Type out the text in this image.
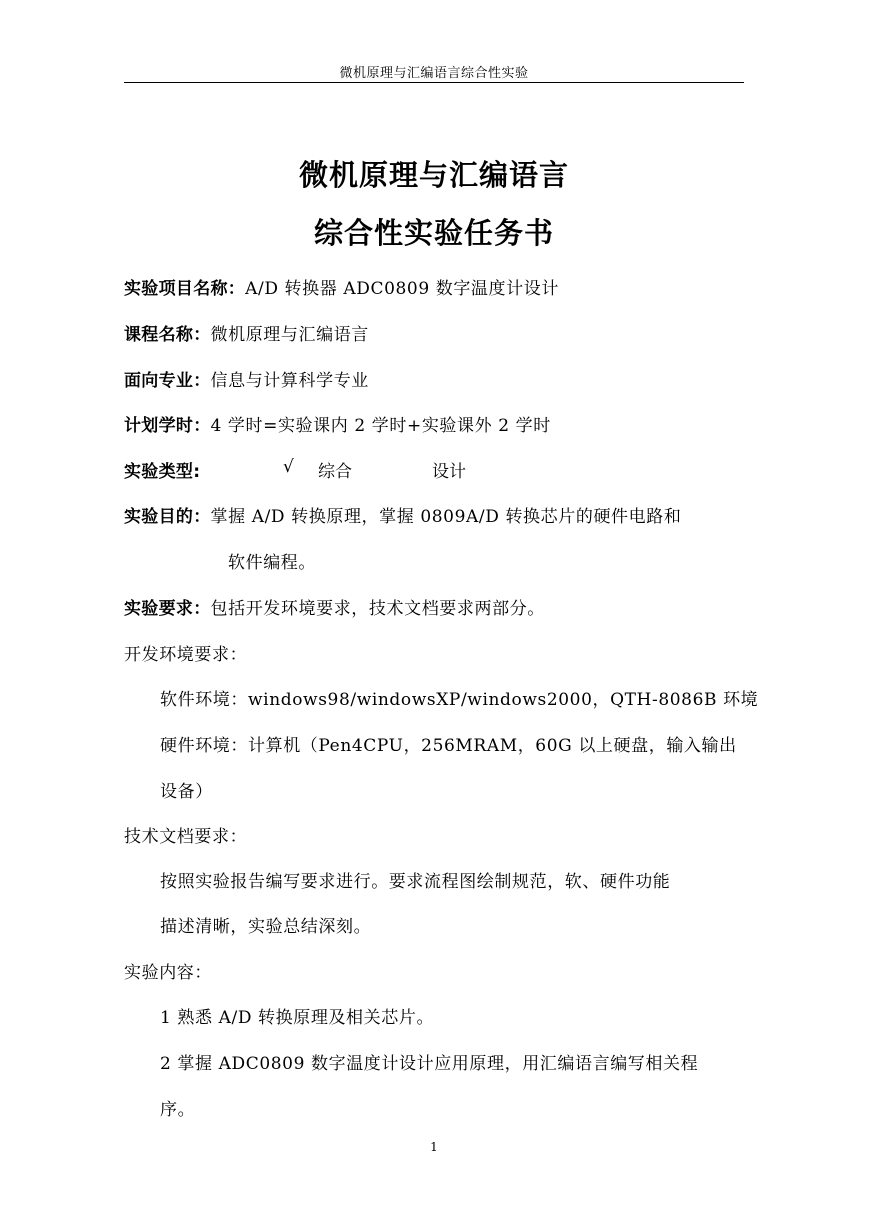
微机原理与汇编语言综合性实验
微机原理与汇编语言
综合性实验任务书
实验项目名称：A/D 转换器 ADC0809 数字温度计设计
课程名称：微机原理与汇编语言
面向专业：信息与计算科学专业
计划学时：4 学时=实验课内 2 学时+实验课外 2 学时
实验类型:	√ 综合	设计
实验目的：掌握 A/D 转换原理，掌握 0809A/D 转换芯片的硬件电路和
软件编程。
实验要求：包括开发环境要求，技术文档要求两部分。
开发环境要求：
软件环境：windows98/windowsXP/windows2000，QTH-8086B 环境
硬件环境：计算机（Pen4CPU，256MRAM，60G 以上硬盘，输入输出
设备）
技术文档要求：
按照实验报告编写要求进行。要求流程图绘制规范，软、硬件功能
描述清晰，实验总结深刻。
实验内容：
1 熟悉 A/D 转换原理及相关芯片。
2 掌握 ADC0809 数字温度计设计应用原理，用汇编语言编写相关程
序。
1
